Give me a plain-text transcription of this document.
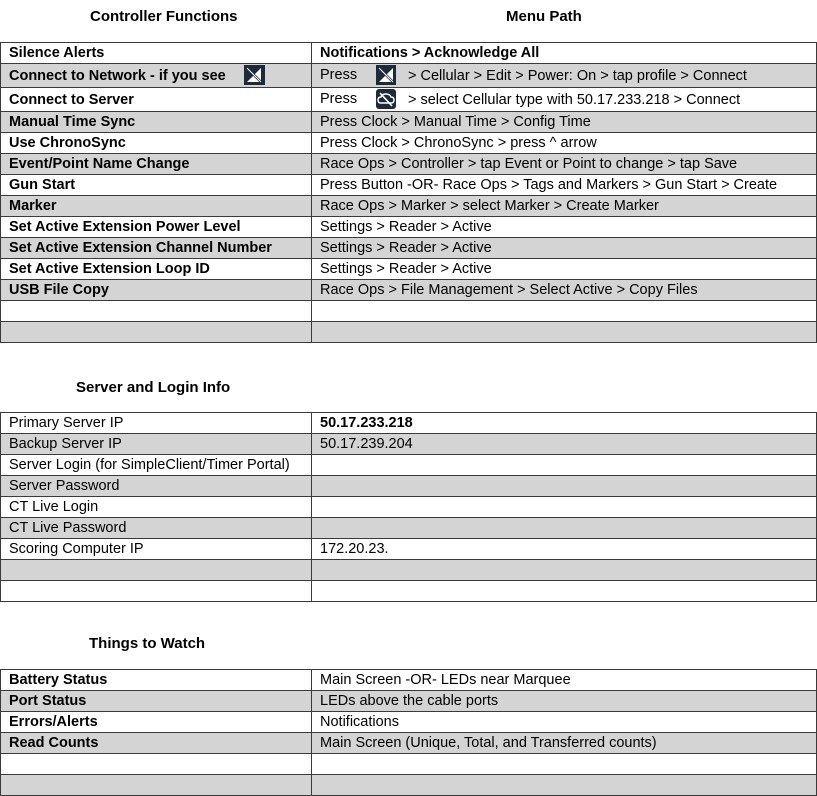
Controller Functions	Menu Path
Silence Alerts	Notifications > Acknowledge All
Connect to Network - if you see	Press > Cellular > Edit > Power: On > tap profile > Connect
Connect to Server	Press > select Cellular type with 50.17.233.218 > Connect
Manual Time Sync	Press Clock > Manual Time > Config Time
Use ChronoSync	Press Clock > ChronoSync > press ^ arrow
Event/Point Name Change	Race Ops > Controller > tap Event or Point to change > tap Save
Gun Start	Press Button -OR- Race Ops > Tags and Markers > Gun Start > Create
Marker	Race Ops > Marker > select Marker > Create Marker
Set Active Extension Power Level	Settings > Reader > Active
Set Active Extension Channel Number	Settings > Reader > Active
Set Active Extension Loop ID	Settings > Reader > Active
USB File Copy	Race Ops > File Management > Select Active > Copy Files

Server and Login Info
Primary Server IP	50.17.233.218
Backup Server IP	50.17.239.204
Server Login (for SimpleClient/Timer Portal)	
Server Password	
CT Live Login	
CT Live Password	
Scoring Computer IP	172.20.23.

Things to Watch
Battery Status	Main Screen -OR- LEDs near Marquee
Port Status	LEDs above the cable ports
Errors/Alerts	Notifications
Read Counts	Main Screen (Unique, Total, and Transferred counts)
